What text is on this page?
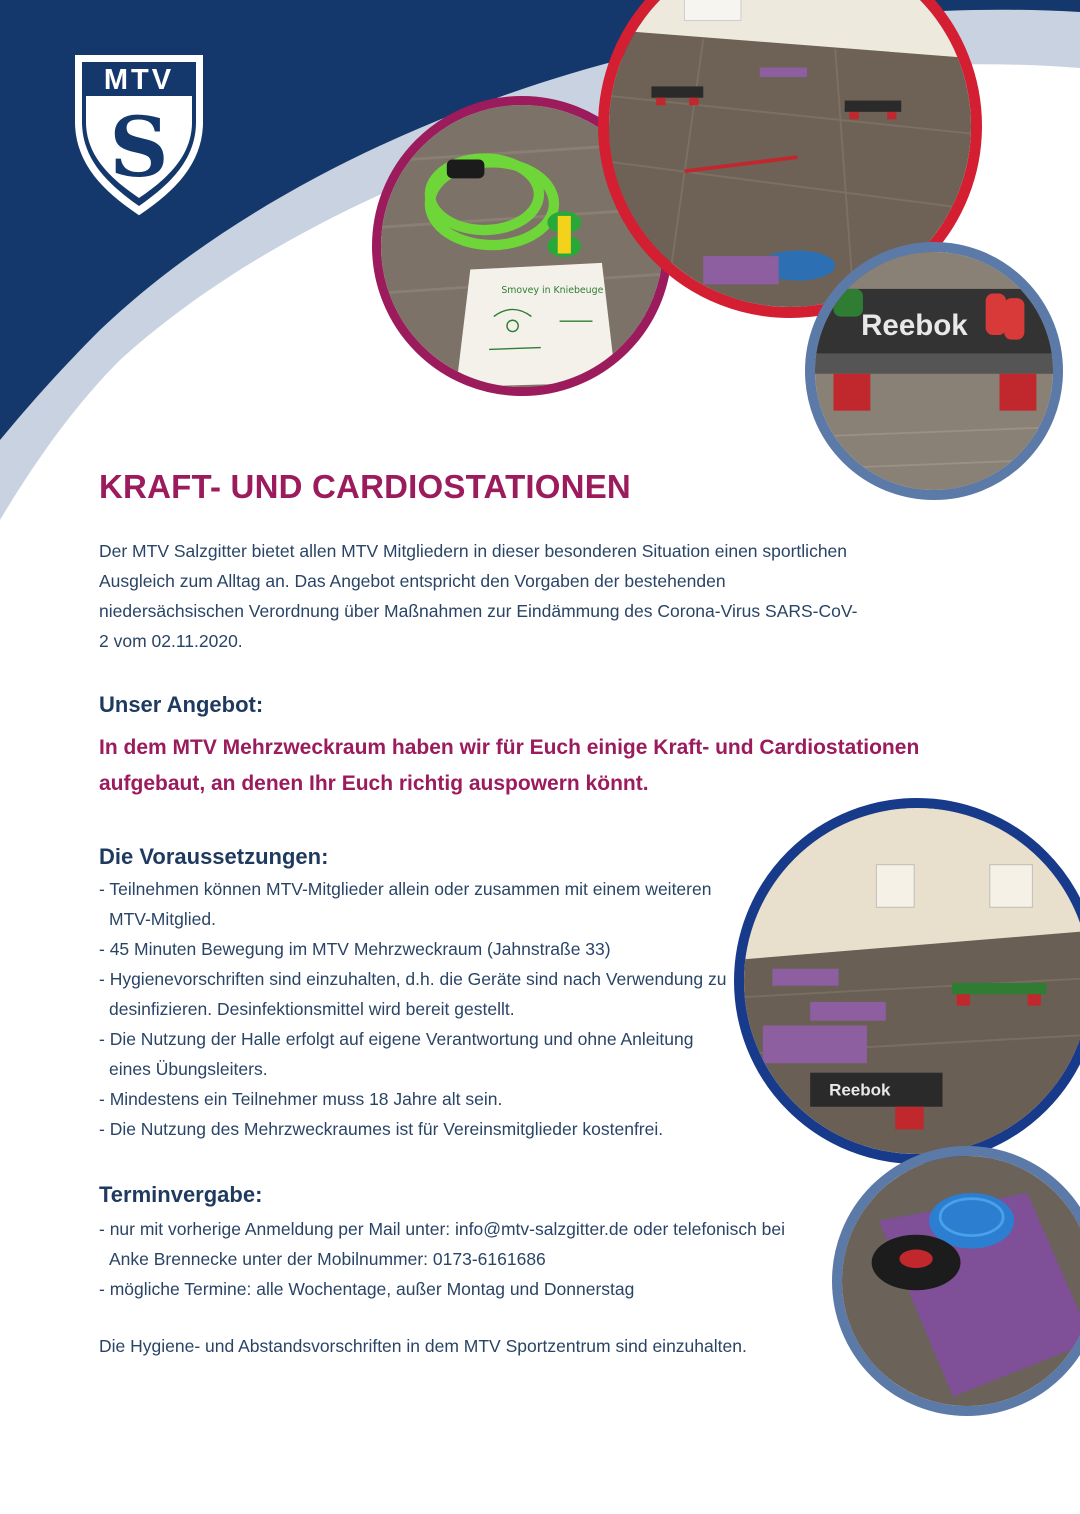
MTV
S
Smovey in Kniebeuge
Reebok
Reebok
KRAFT- UND CARDIOSTATIONEN

Der MTV Salzgitter bietet allen MTV Mitgliedern in dieser besonderen Situation einen sportlichen Ausgleich zum Alltag an. Das Angebot entspricht den Vorgaben der bestehenden niedersächsischen Verordnung über Maßnahmen zur Eindämmung des Corona-Virus SARS-CoV-2 vom 02.11.2020.

Unser Angebot:

In dem MTV Mehrzweckraum haben wir für Euch einige Kraft- und Cardiostationen aufgebaut, an denen Ihr Euch richtig auspowern könnt.

Die Voraussetzungen:
- Teilnehmen können MTV-Mitglieder allein oder zusammen mit einem weiteren MTV-Mitglied.
- 45 Minuten Bewegung im MTV Mehrzweckraum (Jahnstraße 33)
- Hygienevorschriften sind einzuhalten, d.h. die Geräte sind nach Verwendung zu desinfizieren. Desinfektionsmittel wird bereit gestellt.
- Die Nutzung der Halle erfolgt auf eigene Verantwortung und ohne Anleitung eines Übungsleiters.
- Mindestens ein Teilnehmer muss 18 Jahre alt sein.
- Die Nutzung des Mehrzweckraumes ist für Vereinsmitglieder kostenfrei.
Terminvergabe:
- nur mit vorherige Anmeldung per Mail unter: info@mtv-salzgitter.de oder telefonisch bei Anke Brennecke unter der Mobilnummer: 0173-6161686
- mögliche Termine: alle Wochentage, außer Montag und Donnerstag

Die Hygiene- und Abstandsvorschriften in dem MTV Sportzentrum sind einzuhalten.
